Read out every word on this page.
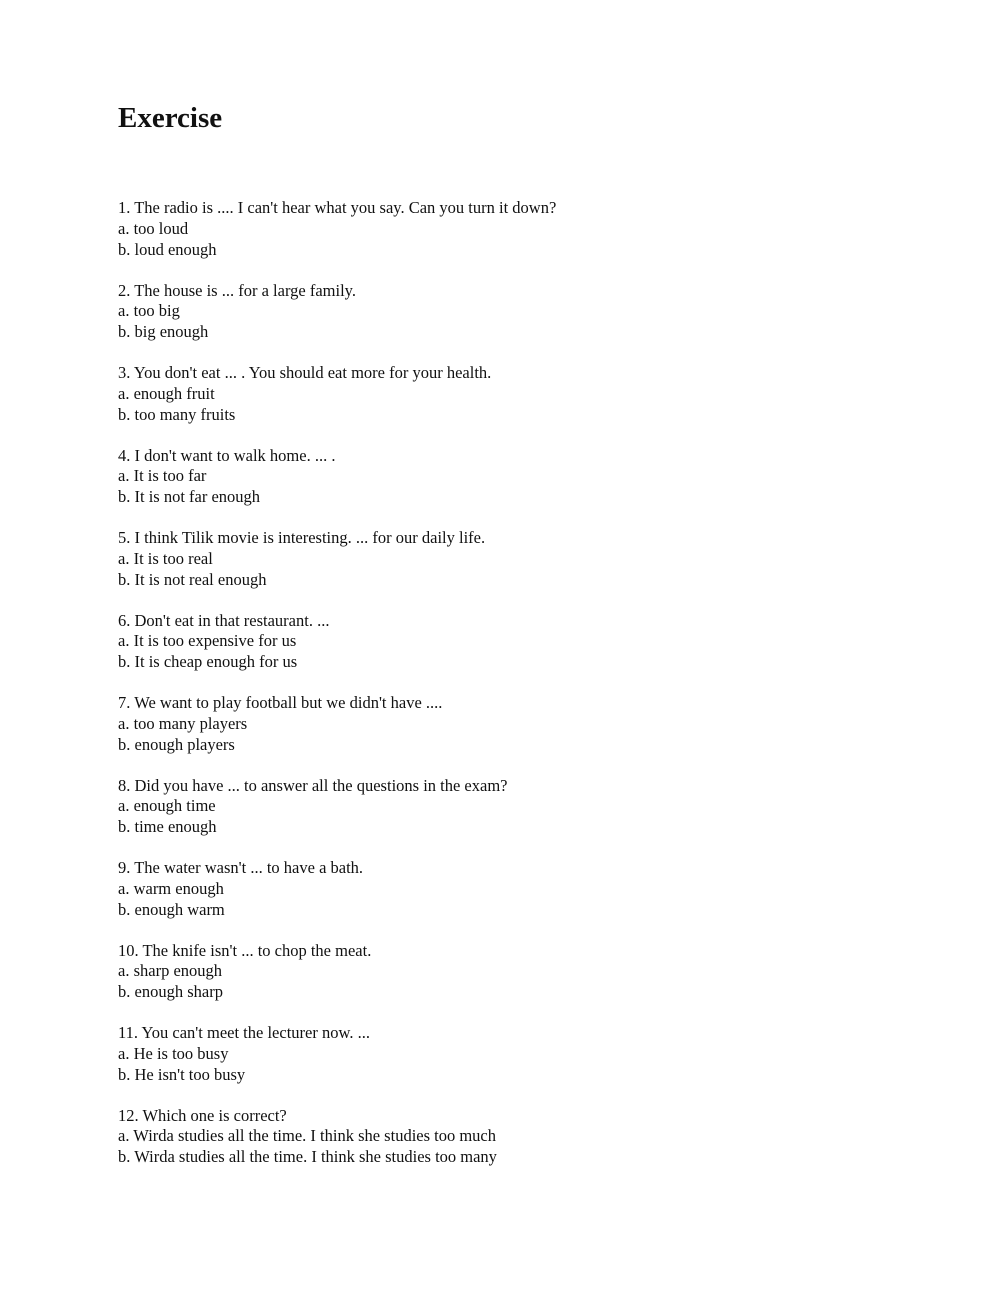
Exercise
1. The radio is .... I can't hear what you say. Can you turn it down?
a. too loud
b. loud enough
2. The house is ... for a large family.
a. too big
b. big enough
3. You don't eat ... . You should eat more for your health.
a. enough fruit
b. too many fruits
4. I don't want to walk home. ... .
a. It is too far
b. It is not far enough
5. I think Tilik movie is interesting. ... for our daily life.
a. It is too real
b. It is not real enough
6. Don't eat in that restaurant. ...
a. It is too expensive for us
b. It is cheap enough for us
7. We want to play football but we didn't have ....
a. too many players
b. enough players
8. Did you have ... to answer all the questions in the exam?
a. enough time
b. time enough
9. The water wasn't ... to have a bath.
a. warm enough
b. enough warm
10. The knife isn't ... to chop the meat.
a. sharp enough
b. enough sharp
11. You can't meet the lecturer now. ...
a. He is too busy
b. He isn't too busy
12. Which one is correct?
a. Wirda studies all the time. I think she studies too much
b. Wirda studies all the time. I think she studies too many
